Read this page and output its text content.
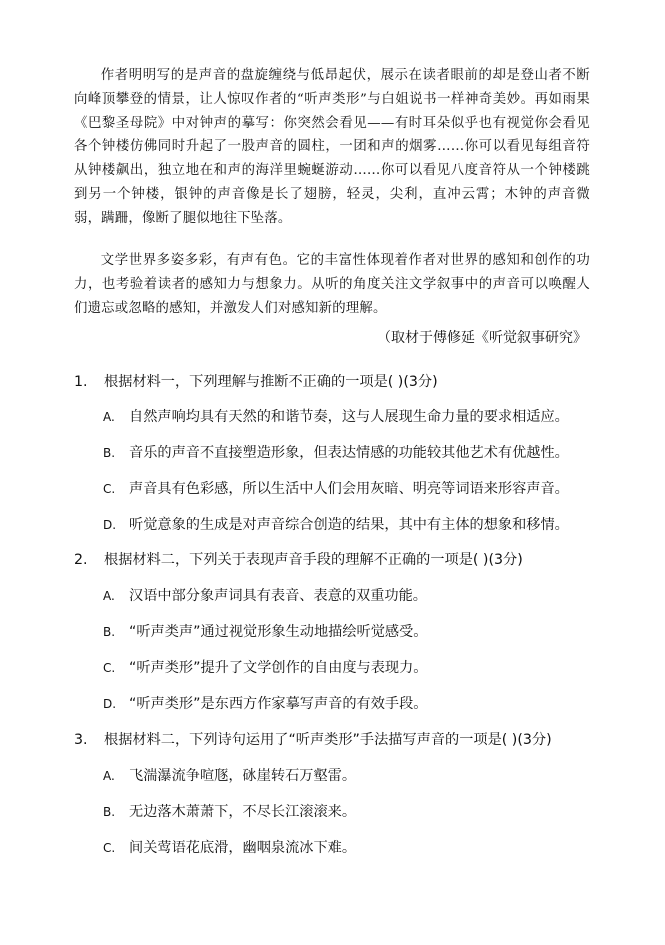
作者明明写的是声音的盘旋缠绕与低昂起伏，展示在读者眼前的却是登山者不断向峰顶攀登的情景，让人惊叹作者的“听声类形”与白姐说书一样神奇美妙。再如雨果《巴黎圣母院》中对钟声的摹写：你突然会看见——有时耳朵似乎也有视觉你会看见各个钟楼仿佛同时升起了一股声音的圆柱，一团和声的烟雾……你可以看见每组音符从钟楼飙出，独立地在和声的海洋里蜿蜒游动……你可以看见八度音符从一个钟楼跳到另一个钟楼，银钟的声音像是长了翅膀，轻灵，尖利，直冲云霄；木钟的声音微弱，蹒跚，像断了腿似地往下坠落。

文学世界多姿多彩，有声有色。它的丰富性体现着作者对世界的感知和创作的功力，也考验着读者的感知力与想象力。从听的角度关注文学叙事中的声音可以唤醒人们遗忘或忽略的感知，并激发人们对感知新的理解。

（取材于傅修延《听觉叙事研究》

1. 根据材料一，下列理解与推断不正确的一项是( )(3分)
A. 自然声响均具有天然的和谐节奏，这与人展现生命力量的要求相适应。
B. 音乐的声音不直接塑造形象，但表达情感的功能较其他艺术有优越性。
C. 声音具有色彩感，所以生活中人们会用灰暗、明亮等词语来形容声音。
D. 听觉意象的生成是对声音综合创造的结果，其中有主体的想象和移情。
2. 根据材料二，下列关于表现声音手段的理解不正确的一项是( )(3分)
A. 汉语中部分象声词具有表音、表意的双重功能。
B. “听声类声”通过视觉形象生动地描绘听觉感受。
C. “听声类形”提升了文学创作的自由度与表现力。
D. “听声类形”是东西方作家摹写声音的有效手段。
3. 根据材料二，下列诗句运用了“听声类形”手法描写声音的一项是( )(3分)
A. 飞湍瀑流争喧豗，砯崖转石万壑雷。
B. 无边落木萧萧下，不尽长江滚滚来。
C. 间关莺语花底滑，幽咽泉流冰下难。
